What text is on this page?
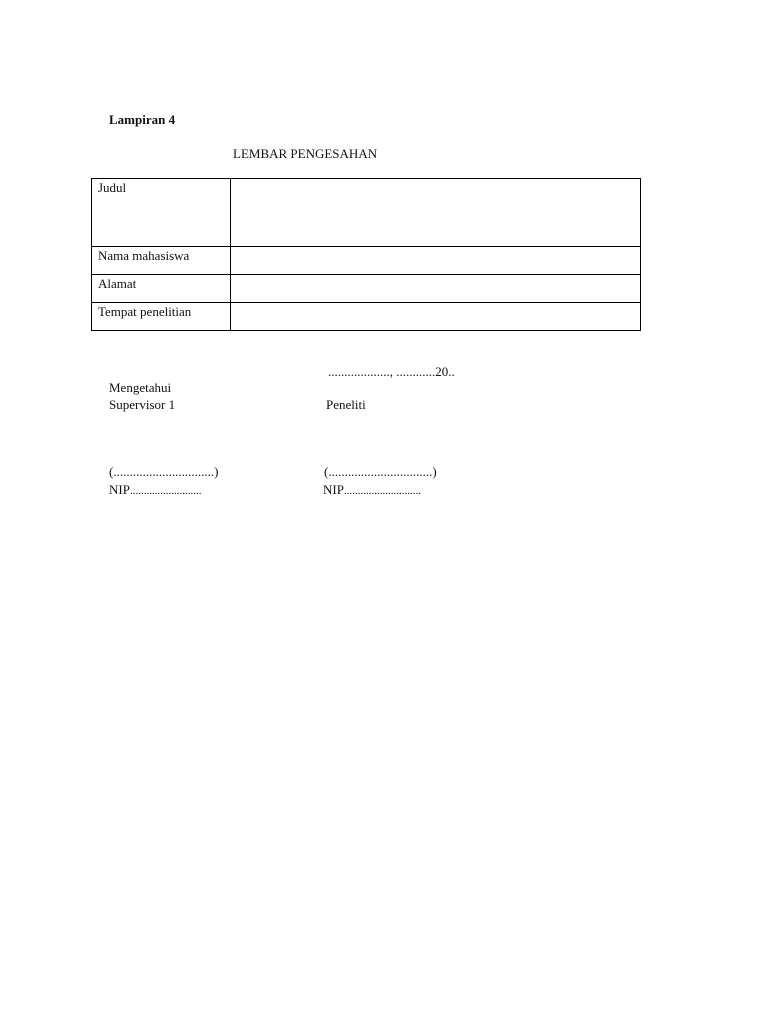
Lampiran 4
LEMBAR PENGESAHAN
Judul	
Nama mahasiswa	
Alamat	
Tempat penelitian	
..................., ............20..
Mengetahui
Supervisor 1	Peneliti
(...............................)	(................................)
NIP..........................	NIP............................
